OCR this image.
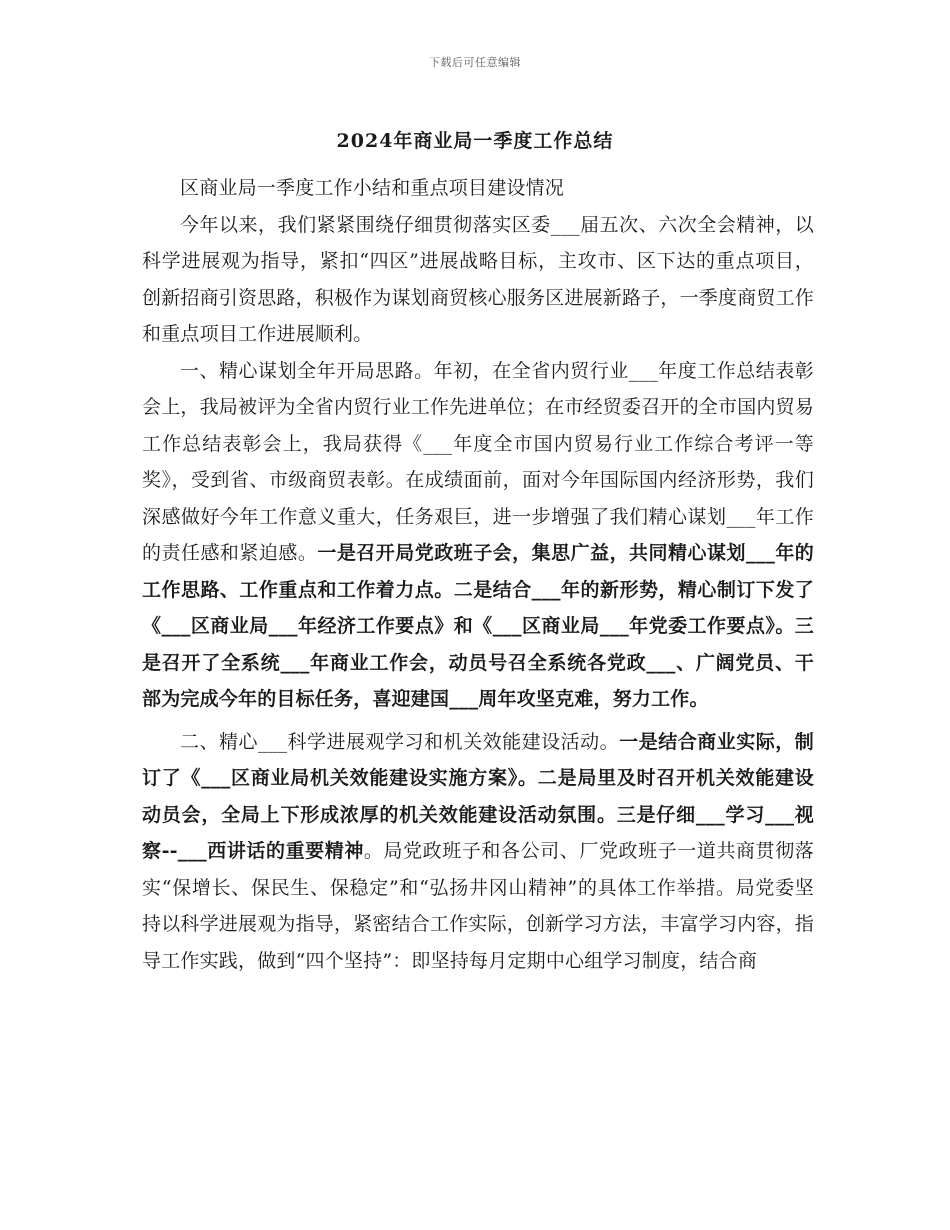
下载后可任意编辑
2024年商业局一季度工作总结

区商业局一季度工作小结和重点项目建设情况

今年以来，我们紧紧围绕仔细贯彻落实区委___届五次、六次全会精神，以科学进展观为指导，紧扣“四区”进展战略目标，主攻市、区下达的重点项目，创新招商引资思路，积极作为谋划商贸核心服务区进展新路子，一季度商贸工作和重点项目工作进展顺利。

一、精心谋划全年开局思路。年初，在全省内贸行业___年度工作总结表彰会上，我局被评为全省内贸行业工作先进单位；在市经贸委召开的全市国内贸易工作总结表彰会上，我局获得《___年度全市国内贸易行业工作综合考评一等奖》，受到省、市级商贸表彰。在成绩面前，面对今年国际国内经济形势，我们深感做好今年工作意义重大，任务艰巨，进一步增强了我们精心谋划___年工作的责任感和紧迫感。一是召开局党政班子会，集思广益，共同精心谋划___年的工作思路、工作重点和工作着力点。二是结合___年的新形势，精心制订下发了《___区商业局___年经济工作要点》和《___区商业局___年党委工作要点》。三是召开了全系统___年商业工作会，动员号召全系统各党政___、广阔党员、干部为完成今年的目标任务，喜迎建国___周年攻坚克难，努力工作。

二、精心___科学进展观学习和机关效能建设活动。一是结合商业实际，制订了《___区商业局机关效能建设实施方案》。二是局里及时召开机关效能建设动员会，全局上下形成浓厚的机关效能建设活动氛围。三是仔细___学习___视察--___西讲话的重要精神。局党政班子和各公司、厂党政班子一道共商贯彻落实“保增长、保民生、保稳定”和“弘扬井冈山精神”的具体工作举措。局党委坚持以科学进展观为指导，紧密结合工作实际，创新学习方法，丰富学习内容，指导工作实践，做到“四个坚持”：即坚持每月定期中心组学习制度，结合商
